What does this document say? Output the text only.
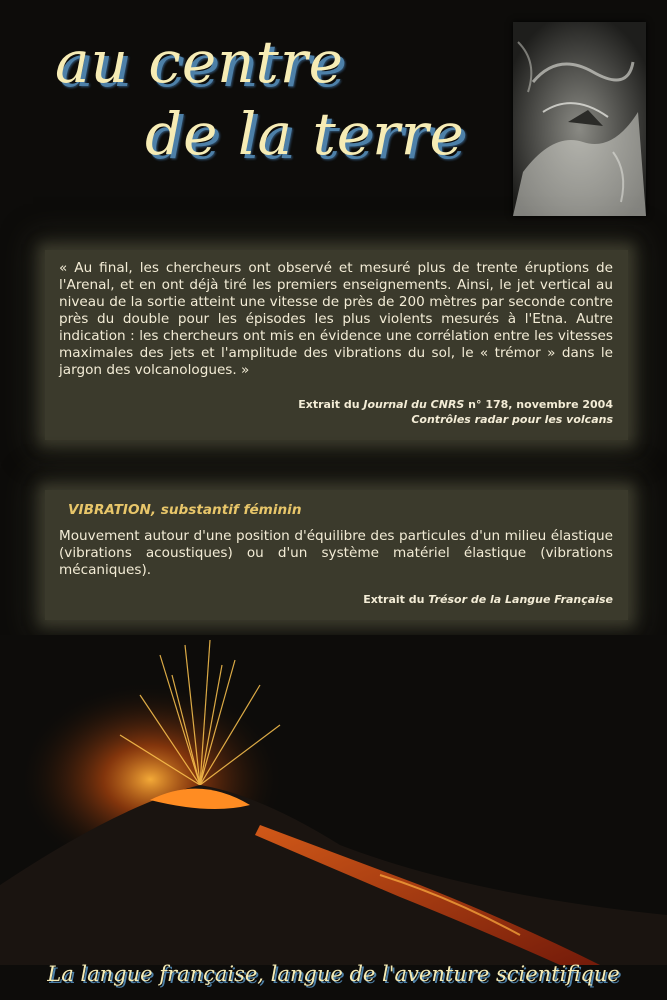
au centre
de la terre

« Au final, les chercheurs ont observé et mesuré plus de trente éruptions de l'Arenal, et en ont déjà tiré les premiers enseignements. Ainsi, le jet vertical au niveau de la sortie atteint une vitesse de près de 200 mètres par seconde contre près du double pour les épisodes les plus violents mesurés à l'Etna. Autre indication : les chercheurs ont mis en évidence une corrélation entre les vitesses maximales des jets et l'amplitude des vibrations du sol, le « trémor » dans le jargon des volcanologues. »

Extrait du Journal du CNRS n° 178, novembre 2004
Contrôles radar pour les volcans
VIBRATION, substantif féminin

Mouvement autour d'une position d'équilibre des particules d'un milieu élastique (vibrations acoustiques) ou d'un système matériel élastique (vibrations mécaniques).

Extrait du Trésor de la Langue Française
La langue française, langue de l'aventure scientifique
